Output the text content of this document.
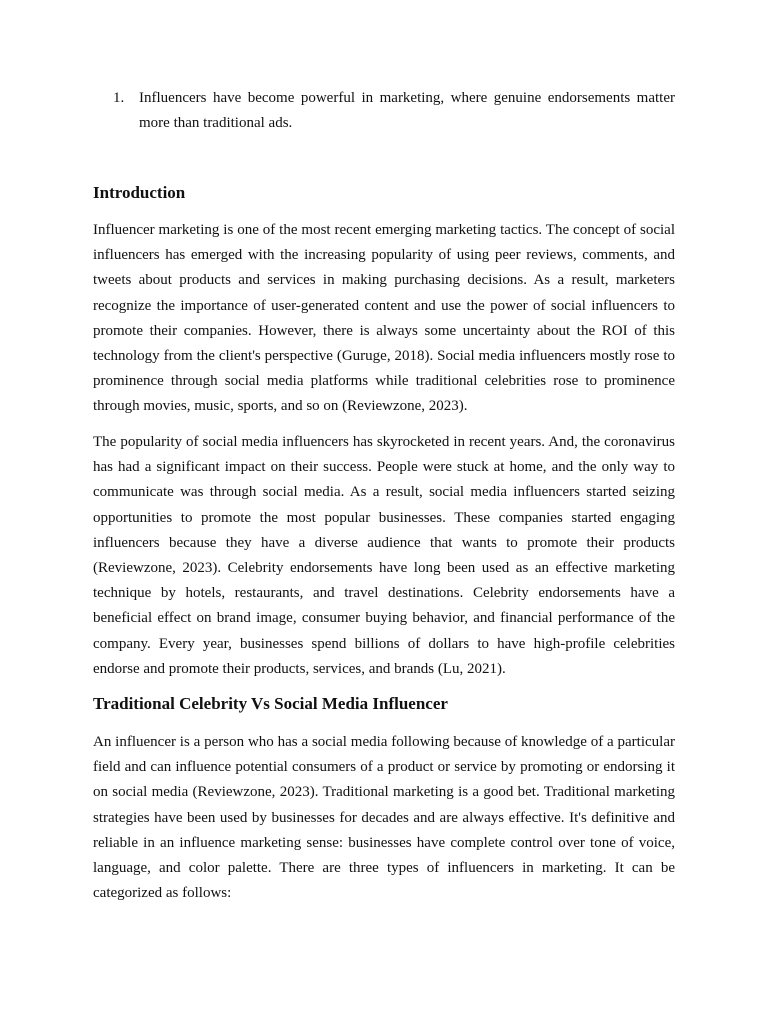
1. Influencers have become powerful in marketing, where genuine endorsements matter more than traditional ads.
Introduction

Influencer marketing is one of the most recent emerging marketing tactics. The concept of social influencers has emerged with the increasing popularity of using peer reviews, comments, and tweets about products and services in making purchasing decisions. As a result, marketers recognize the importance of user-generated content and use the power of social influencers to promote their companies. However, there is always some uncertainty about the ROI of this technology from the client's perspective (Guruge, 2018). Social media influencers mostly rose to prominence through social media platforms while traditional celebrities rose to prominence through movies, music, sports, and so on (Reviewzone, 2023).

The popularity of social media influencers has skyrocketed in recent years. And, the coronavirus has had a significant impact on their success. People were stuck at home, and the only way to communicate was through social media. As a result, social media influencers started seizing opportunities to promote the most popular businesses. These companies started engaging influencers because they have a diverse audience that wants to promote their products (Reviewzone, 2023). Celebrity endorsements have long been used as an effective marketing technique by hotels, restaurants, and travel destinations. Celebrity endorsements have a beneficial effect on brand image, consumer buying behavior, and financial performance of the company. Every year, businesses spend billions of dollars to have high-profile celebrities endorse and promote their products, services, and brands (Lu, 2021).

Traditional Celebrity Vs Social Media Influencer

An influencer is a person who has a social media following because of knowledge of a particular field and can influence potential consumers of a product or service by promoting or endorsing it on social media (Reviewzone, 2023). Traditional marketing is a good bet. Traditional marketing strategies have been used by businesses for decades and are always effective. It's definitive and reliable in an influence marketing sense: businesses have complete control over tone of voice, language, and color palette. There are three types of influencers in marketing. It can be categorized as follows:
